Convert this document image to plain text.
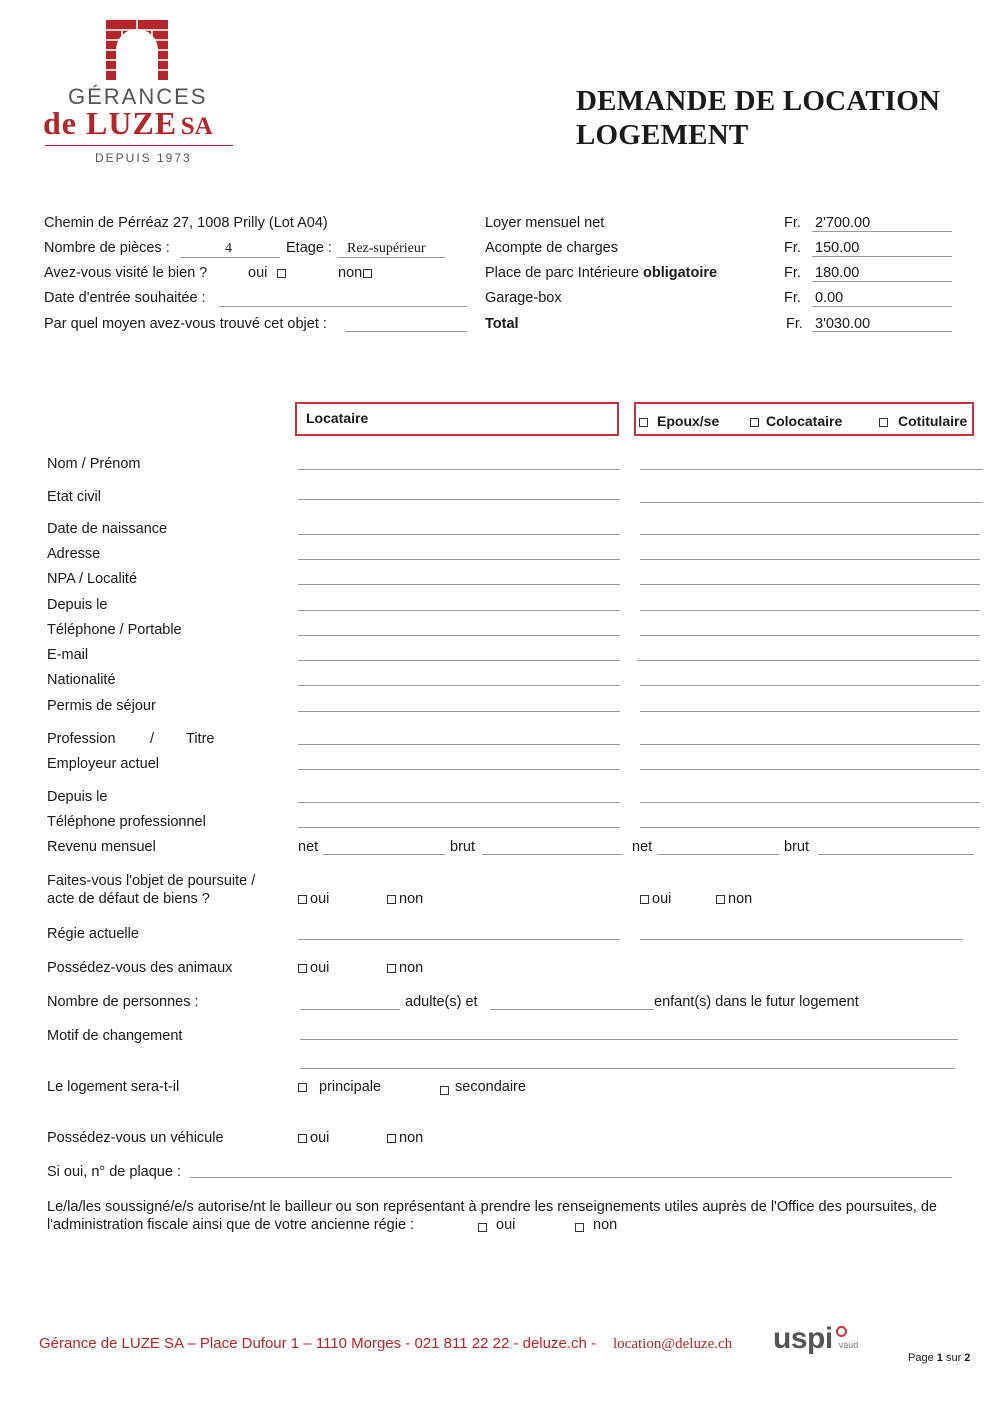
GÉRANCES
de LUZE SA
DEPUIS 1973
DEMANDE DE LOCATION
LOGEMENT
Chemin de Pérréaz 27, 1008 Prilly (Lot A04)
Nombre de pièces :	4	Etage : Rez-supérieur
Avez-vous visité le bien ?	oui	non
Date d'entrée souhaitée :
Par quel moyen avez-vous trouvé cet objet :
Loyer mensuel net	Fr. 2'700.00
Acompte de charges	Fr. 150.00
Place de parc Intérieure obligatoire	Fr. 180.00
Garage-box	Fr. 0.00
Total	Fr. 3'030.00
Locataire	Epoux/se	Colocataire	Cotitulaire
Nom / Prénom
Etat civil
Date de naissance
Adresse
NPA / Localité
Depuis le
Téléphone / Portable
E-mail
Nationalité
Permis de séjour
Profession / Titre
Employeur actuel
Depuis le
Téléphone professionnel
Revenu mensuel	net	brut	net	brut
Faites-vous l'objet de poursuite /
acte de défaut de biens ?	oui	non	oui	non
Régie actuelle
Possédez-vous des animaux	oui	non
Nombre de personnes :	adulte(s) et	enfant(s) dans le futur logement
Motif de changement
Le logement sera-t-il	principale	secondaire
Possédez-vous un véhicule	oui	non
Si oui, n° de plaque :
Le/la/les soussigné/e/s autorise/nt le bailleur ou son représentant à prendre les renseignements utiles auprès de l'Office des poursuites, de
l'administration fiscale ainsi que de votre ancienne régie :	oui	non
Gérance de LUZE SA – Place Dufour 1 – 1110 Morges - 021 811 22 22 - deluze.ch - location@deluze.ch uspi vaud
Page 1 sur 2
